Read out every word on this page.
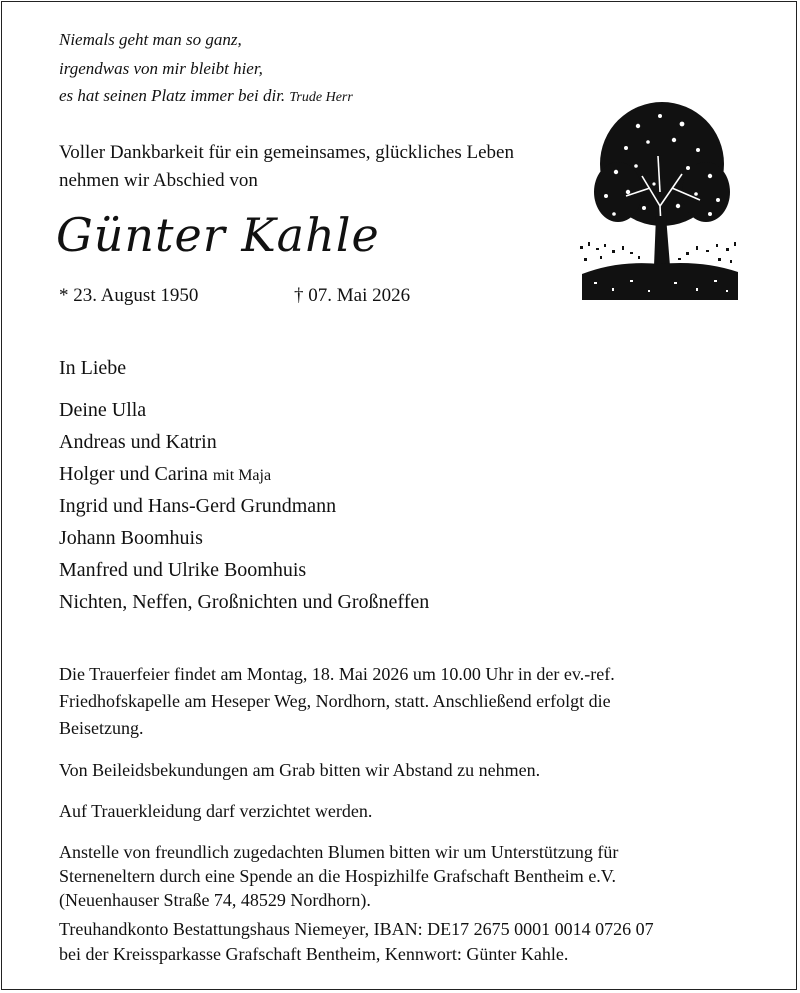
Niemals geht man so ganz,
irgendwas von mir bleibt hier,
es hat seinen Platz immer bei dir. Trude Herr
Voller Dankbarkeit für ein gemeinsames, glückliches Leben
nehmen wir Abschied von
Günter Kahle
* 23. August 1950	† 07. Mai 2026
In Liebe
Deine Ulla
Andreas und Katrin
Holger und Carina mit Maja
Ingrid und Hans-Gerd Grundmann
Johann Boomhuis
Manfred und Ulrike Boomhuis
Nichten, Neffen, Großnichten und Großneffen
Die Trauerfeier findet am Montag, 18. Mai 2026 um 10.00 Uhr in der ev.-ref.
Friedhofskapelle am Heseper Weg, Nordhorn, statt. Anschließend erfolgt die
Beisetzung.
Von Beileidsbekundungen am Grab bitten wir Abstand zu nehmen.
Auf Trauerkleidung darf verzichtet werden.
Anstelle von freundlich zugedachten Blumen bitten wir um Unterstützung für
Sterneneltern durch eine Spende an die Hospizhilfe Grafschaft Bentheim e.V.
(Neuenhauser Straße 74, 48529 Nordhorn).
Treuhandkonto Bestattungshaus Niemeyer, IBAN: DE17 2675 0001 0014 0726 07
bei der Kreissparkasse Grafschaft Bentheim, Kennwort: Günter Kahle.
